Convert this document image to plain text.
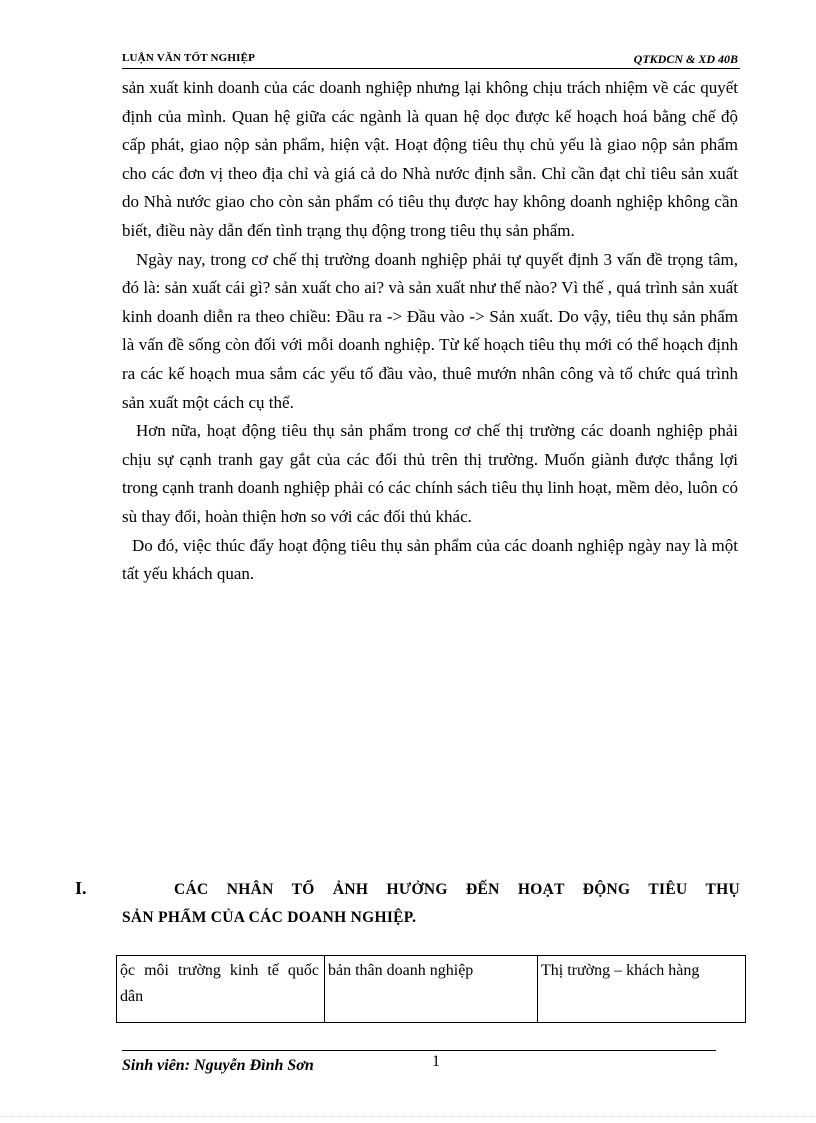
LUẬN VĂN TỐT NGHIỆP	QTKDCN & XD 40B

sản xuất kinh doanh của các doanh nghiệp nhưng lại không chịu trách nhiệm về các quyết định của mình. Quan hệ giữa các ngành là quan hệ dọc được kế hoạch hoá bằng chế độ cấp phát, giao nộp sản phẩm, hiện vật. Hoạt động tiêu thụ chủ yếu là giao nộp sản phẩm cho các đơn vị theo địa chỉ và giá cả do Nhà nước định sẵn. Chỉ cần đạt chỉ tiêu sản xuất do Nhà nước giao cho còn sản phẩm có tiêu thụ được hay không doanh nghiệp không cần biết, điều này dẫn đến tình trạng thụ động trong tiêu thụ sản phẩm.

Ngày nay, trong cơ chế thị trường doanh nghiệp phải tự quyết định 3 vấn đề trọng tâm, đó là: sản xuất cái gì? sản xuất cho ai? và sản xuất như thế nào? Vì thế , quá trình sản xuất kinh doanh diễn ra theo chiều: Đầu ra -> Đầu vào -> Sản xuất. Do vậy, tiêu thụ sản phẩm là vấn đề sống còn đối với mỗi doanh nghiệp. Từ kế hoạch tiêu thụ mới có thể hoạch định ra các kế hoạch mua sắm các yếu tố đầu vào, thuê mướn nhân công và tổ chức quá trình sản xuất một cách cụ thể.

Hơn nữa, hoạt động tiêu thụ sản phẩm trong cơ chế thị trường các doanh nghiệp phải chịu sự cạnh tranh gay gắt của các đối thủ trên thị trường. Muốn giành được thắng lợi trong cạnh tranh doanh nghiệp phải có các chính sách tiêu thụ linh hoạt, mềm dẻo, luôn có sù thay đổi, hoàn thiện hơn so với các đối thủ khác.

Do đó, việc thúc đẩy hoạt động tiêu thụ sản phẩm của các doanh nghiệp ngày nay là một tất yếu khách quan.

I.	CÁC NHÂN TỐ ẢNH HƯỞNG ĐẾN HOẠT ĐỘNG TIÊU THỤ
SẢN PHẨM CỦA CÁC DOANH NGHIỆP.
ộc môi trường kinh tế quốc dân	bản thân doanh nghiệp	Thị trường – khách hàng
Sinh viên: Nguyễn Đình Sơn	1
